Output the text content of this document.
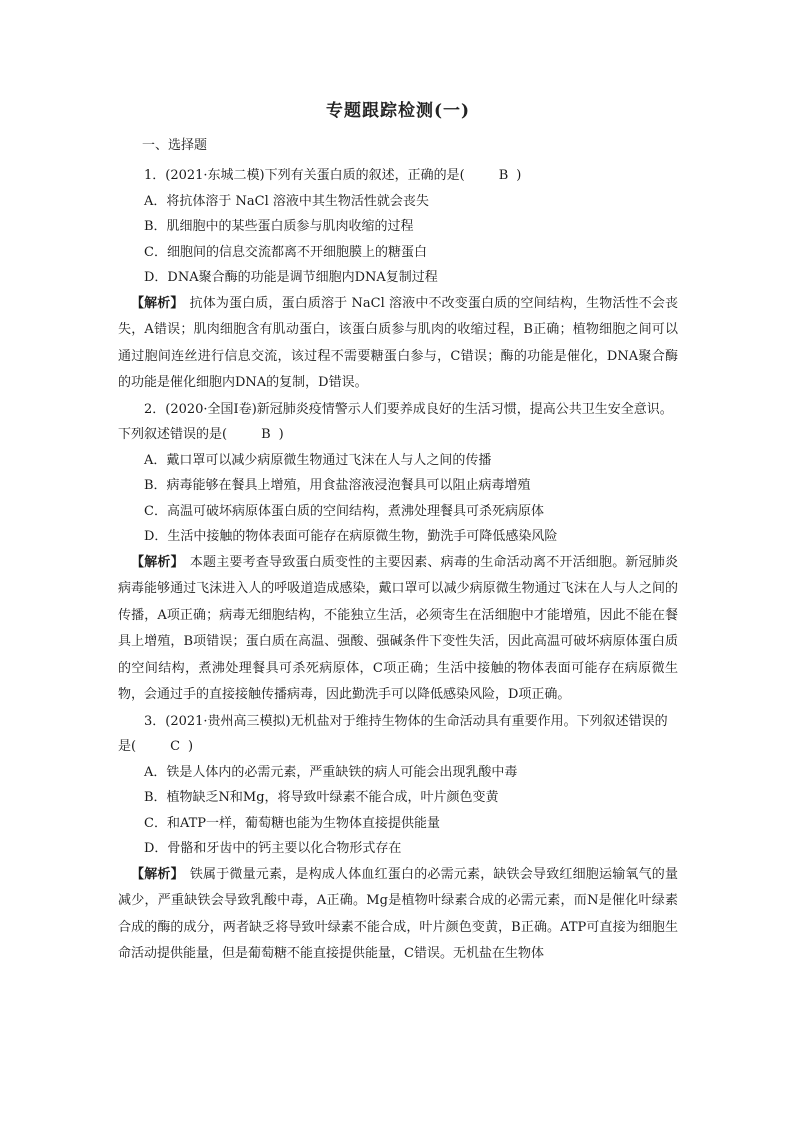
专题跟踪检测(一)
一、选择题

1．(2021·东城二模)下列有关蛋白质的叙述，正确的是(	B )

A．将抗体溶于 NaCl 溶液中其生物活性就会丧失

B．肌细胞中的某些蛋白质参与肌肉收缩的过程

C．细胞间的信息交流都离不开细胞膜上的糖蛋白

D．DNA聚合酶的功能是调节细胞内DNA复制过程

【解析】 抗体为蛋白质，蛋白质溶于 NaCl 溶液中不改变蛋白质的空间结构，生物活性不会丧失，A错误；肌肉细胞含有肌动蛋白，该蛋白质参与肌肉的收缩过程，B正确；植物细胞之间可以通过胞间连丝进行信息交流，该过程不需要糖蛋白参与，C错误；酶的功能是催化，DNA聚合酶的功能是催化细胞内DNA的复制，D错误。

2．(2020·全国Ⅰ卷)新冠肺炎疫情警示人们要养成良好的生活习惯，提高公共卫生安全意识。下列叙述错误的是(	B )

A．戴口罩可以减少病原微生物通过飞沫在人与人之间的传播

B．病毒能够在餐具上增殖，用食盐溶液浸泡餐具可以阻止病毒增殖

C．高温可破坏病原体蛋白质的空间结构，煮沸处理餐具可杀死病原体

D．生活中接触的物体表面可能存在病原微生物，勤洗手可降低感染风险

【解析】 本题主要考查导致蛋白质变性的主要因素、病毒的生命活动离不开活细胞。新冠肺炎病毒能够通过飞沫进入人的呼吸道造成感染，戴口罩可以减少病原微生物通过飞沫在人与人之间的传播，A项正确；病毒无细胞结构，不能独立生活，必须寄生在活细胞中才能增殖，因此不能在餐具上增殖，B项错误；蛋白质在高温、强酸、强碱条件下变性失活，因此高温可破坏病原体蛋白质的空间结构，煮沸处理餐具可杀死病原体，C项正确；生活中接触的物体表面可能存在病原微生物，会通过手的直接接触传播病毒，因此勤洗手可以降低感染风险，D项正确。

3．(2021·贵州高三模拟)无机盐对于维持生物体的生命活动具有重要作用。下列叙述错误的是(	C )

A．铁是人体内的必需元素，严重缺铁的病人可能会出现乳酸中毒

B．植物缺乏N和Mg，将导致叶绿素不能合成，叶片颜色变黄

C．和ATP一样，葡萄糖也能为生物体直接提供能量

D．骨骼和牙齿中的钙主要以化合物形式存在

【解析】 铁属于微量元素，是构成人体血红蛋白的必需元素，缺铁会导致红细胞运输氧气的量减少，严重缺铁会导致乳酸中毒，A正确。Mg是植物叶绿素合成的必需元素，而N是催化叶绿素合成的酶的成分，两者缺乏将导致叶绿素不能合成，叶片颜色变黄，B正确。ATP可直接为细胞生命活动提供能量，但是葡萄糖不能直接提供能量，C错误。无机盐在生物体
